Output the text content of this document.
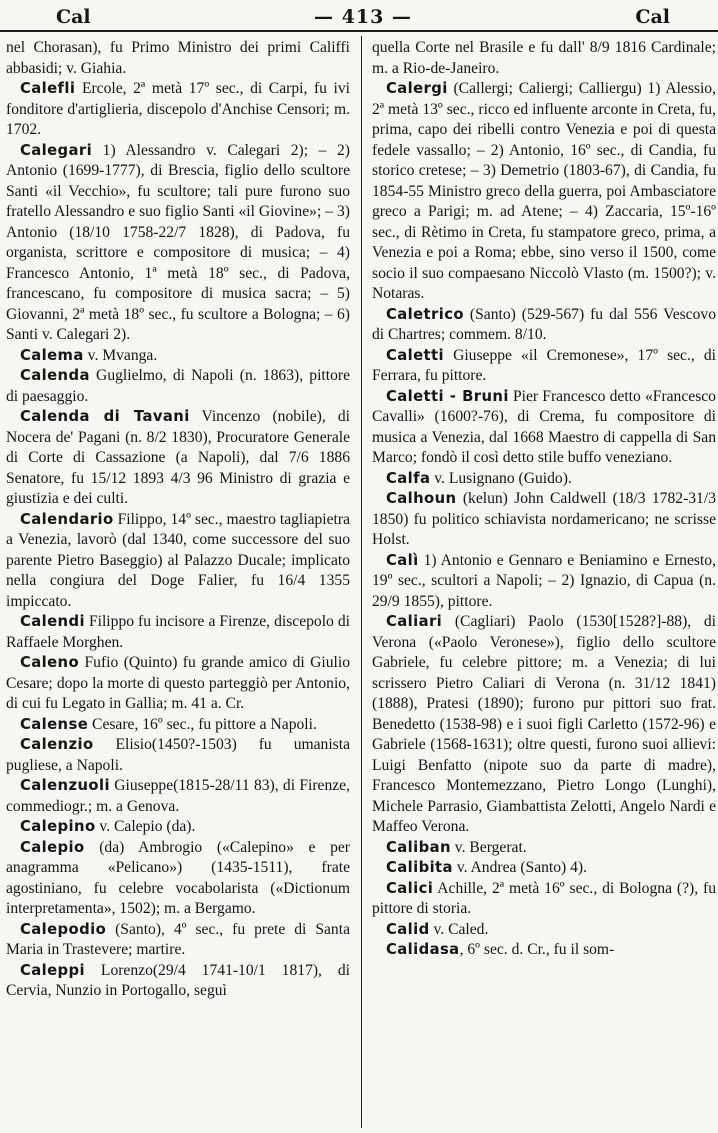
Cal	— 413 —	Cal

nel Chorasan), fu Primo Ministro dei primi Califfi abbasidi; v. Giahia.

Calefli Ercole, 2ª metà 17º sec., di Carpi, fu ivi fonditore d'artiglieria, discepolo d'Anchise Censori; m. 1702.

Calegari 1) Alessandro v. Calegari 2); – 2) Antonio (1699-1777), di Brescia, figlio dello scultore Santi «il Vecchio», fu scultore; tali pure furono suo fratello Alessandro e suo figlio Santi «il Giovine»; – 3) Antonio (18/10 1758-22/7 1828), di Padova, fu organista, scrittore e compositore di musica; – 4) Francesco Antonio, 1ª metà 18º sec., di Padova, francescano, fu compositore di musica sacra; – 5) Giovanni, 2ª metà 18º sec., fu scultore a Bologna; – 6) Santi v. Calegari 2).

Calema v. Mvanga.

Calenda Guglielmo, di Napoli (n. 1863), pittore di paesaggio.

Calenda di Tavani Vincenzo (nobile), di Nocera de' Pagani (n. 8/2 1830), Procuratore Generale di Corte di Cassazione (a Napoli), dal 7/6 1886 Senatore, fu 15/12 1893 4/3 96 Ministro di grazia e giustizia e dei culti.

Calendario Filippo, 14º sec., maestro tagliapietra a Venezia, lavorò (dal 1340, come successore del suo parente Pietro Baseggio) al Palazzo Ducale; implicato nella congiura del Doge Falier, fu 16/4 1355 impiccato.

Calendi Filippo fu incisore a Firenze, discepolo di Raffaele Morghen.

Caleno Fufio (Quinto) fu grande amico di Giulio Cesare; dopo la morte di questo parteggiò per Antonio, di cui fu Legato in Gallia; m. 41 a. Cr.

Calense Cesare, 16º sec., fu pittore a Napoli.

Calenzio Elisio(1450?-1503) fu umanista pugliese, a Napoli.

Calenzuoli Giuseppe(1815-28/11 83), di Firenze, commediogr.; m. a Genova.

Calepino v. Calepio (da).

Calepio (da) Ambrogio («Calepino» e per anagramma «Pelicano») (1435-1511), frate agostiniano, fu celebre vocabolarista («Dictionum interpretamenta», 1502); m. a Bergamo.

Calepodio (Santo), 4º sec., fu prete di Santa Maria in Trastevere; martire.

Caleppi Lorenzo(29/4 1741-10/1 1817), di Cervia, Nunzio in Portogallo, seguì

quella Corte nel Brasile e fu dall' 8/9 1816 Cardinale; m. a Rio-de-Janeiro.

Calergi (Callergi; Caliergi; Calliergu) 1) Alessio, 2ª metà 13º sec., ricco ed influente arconte in Creta, fu, prima, capo dei ribelli contro Venezia e poi di questa fedele vassallo; – 2) Antonio, 16º sec., di Candia, fu storico cretese; – 3) Demetrio (1803-67), di Candia, fu 1854-55 Ministro greco della guerra, poi Ambasciatore greco a Parigi; m. ad Atene; – 4) Zaccaria, 15º-16º sec., di Rètimo in Creta, fu stampatore greco, prima, a Venezia e poi a Roma; ebbe, sino verso il 1500, come socio il suo compaesano Niccolò Vlasto (m. 1500?); v. Notaras.

Caletrico (Santo) (529-567) fu dal 556 Vescovo di Chartres; commem. 8/10.

Caletti Giuseppe «il Cremonese», 17º sec., di Ferrara, fu pittore.

Caletti - Bruni Pier Francesco detto «Francesco Cavalli» (1600?-76), di Crema, fu compositore di musica a Venezia, dal 1668 Maestro di cappella di San Marco; fondò il così detto stile buffo veneziano.

Calfa v. Lusignano (Guido).

Calhoun (kelun) John Caldwell (18/3 1782-31/3 1850) fu politico schiavista nordamericano; ne scrisse Holst.

Calì 1) Antonio e Gennaro e Beniamino e Ernesto, 19º sec., scultori a Napoli; – 2) Ignazio, di Capua (n. 29/9 1855), pittore.

Caliari (Cagliari) Paolo (1530[1528?]-88), di Verona («Paolo Veronese»), figlio dello scultore Gabriele, fu celebre pittore; m. a Venezia; di lui scrissero Pietro Caliari di Verona (n. 31/12 1841) (1888), Pratesi (1890); furono pur pittori suo frat. Benedetto (1538-98) e i suoi figli Carletto (1572-96) e Gabriele (1568-1631); oltre questi, furono suoi allievi: Luigi Benfatto (nipote suo da parte di madre), Francesco Montemezzano, Pietro Longo (Lunghi), Michele Parrasio, Giambattista Zelotti, Angelo Nardi e Maffeo Verona.

Caliban v. Bergerat.

Calibita v. Andrea (Santo) 4).

Calici Achille, 2ª metà 16º sec., di Bologna (?), fu pittore di storia.

Calid v. Caled.

Calidasa, 6º sec. d. Cr., fu il som-
